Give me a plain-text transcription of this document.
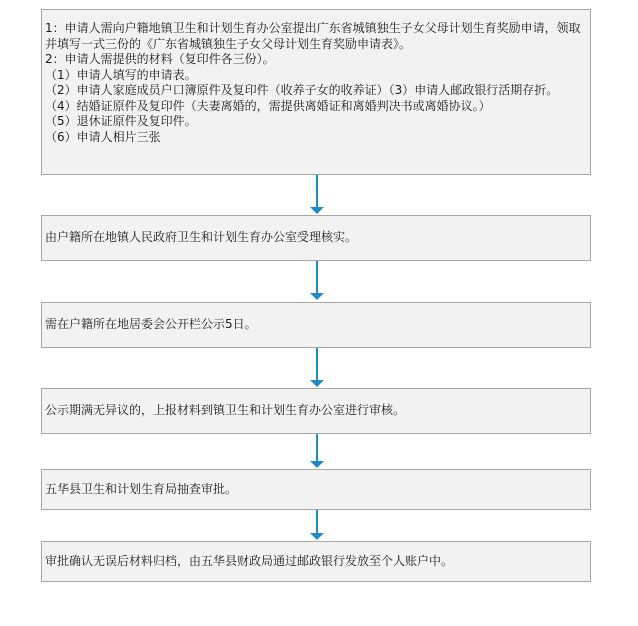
1：申请人需向户籍地镇卫生和计划生育办公室提出广东省城镇独生子女父母计划生育奖励申请，领取并填写一式三份的《广东省城镇独生子女父母计划生育奖励申请表》。
2：申请人需提供的材料（复印件各三份）。
（1）申请人填写的申请表。
（2）申请人家庭成员户口簿原件及复印件（收养子女的收养证）（3）申请人邮政银行活期存折。
（4）结婚证原件及复印件（夫妻离婚的，需提供离婚证和离婚判决书或离婚协议。）
（5）退休证原件及复印件。
（6）申请人相片三张
由户籍所在地镇人民政府卫生和计划生育办公室受理核实。
需在户籍所在地居委会公开栏公示5日。
公示期满无异议的，上报材料到镇卫生和计划生育办公室进行审核。
五华县卫生和计划生育局抽查审批。
审批确认无误后材料归档，由五华县财政局通过邮政银行发放至个人账户中。
